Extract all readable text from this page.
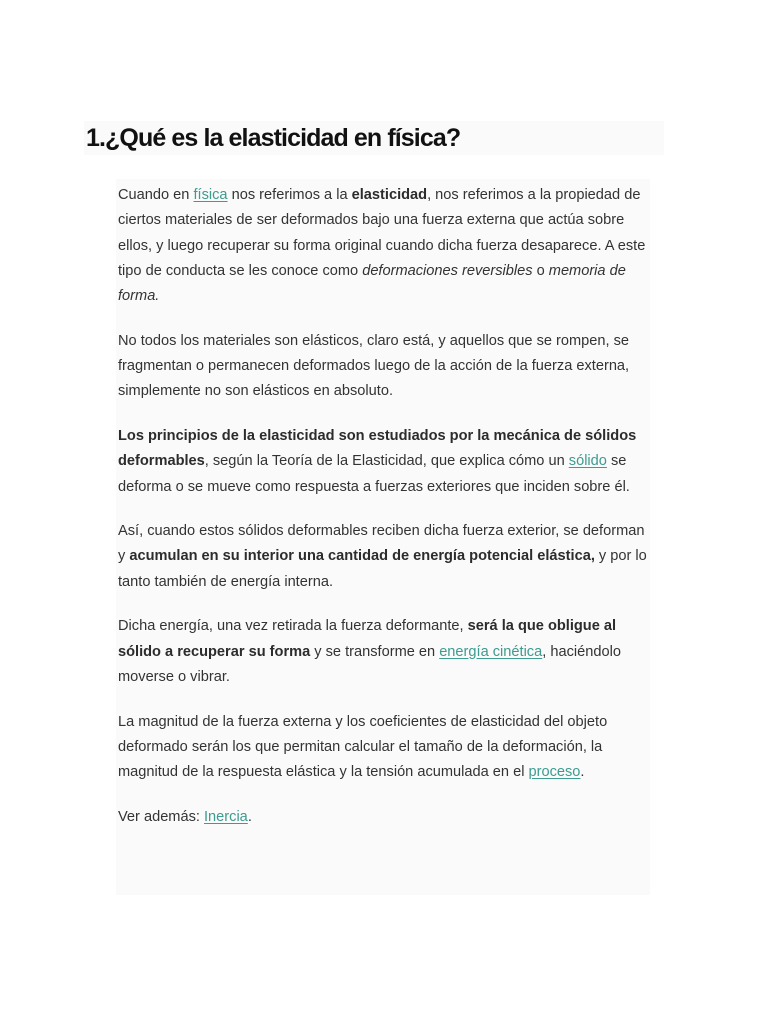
1.¿Qué es la elasticidad en física?

Cuando en física nos referimos a la elasticidad, nos referimos a la propiedad de ciertos materiales de ser deformados bajo una fuerza externa que actúa sobre ellos, y luego recuperar su forma original cuando dicha fuerza desaparece. A este tipo de conducta se les conoce como deformaciones reversibles o memoria de forma.

No todos los materiales son elásticos, claro está, y aquellos que se rompen, se fragmentan o permanecen deformados luego de la acción de la fuerza externa, simplemente no son elásticos en absoluto.

Los principios de la elasticidad son estudiados por la mecánica de sólidos deformables, según la Teoría de la Elasticidad, que explica cómo un sólido se deforma o se mueve como respuesta a fuerzas exteriores que inciden sobre él.

Así, cuando estos sólidos deformables reciben dicha fuerza exterior, se deforman y acumulan en su interior una cantidad de energía potencial elástica, y por lo tanto también de energía interna.

Dicha energía, una vez retirada la fuerza deformante, será la que obligue al sólido a recuperar su forma y se transforme en energía cinética, haciéndolo moverse o vibrar.

La magnitud de la fuerza externa y los coeficientes de elasticidad del objeto deformado serán los que permitan calcular el tamaño de la deformación, la magnitud de la respuesta elástica y la tensión acumulada en el proceso.

Ver además: Inercia.
